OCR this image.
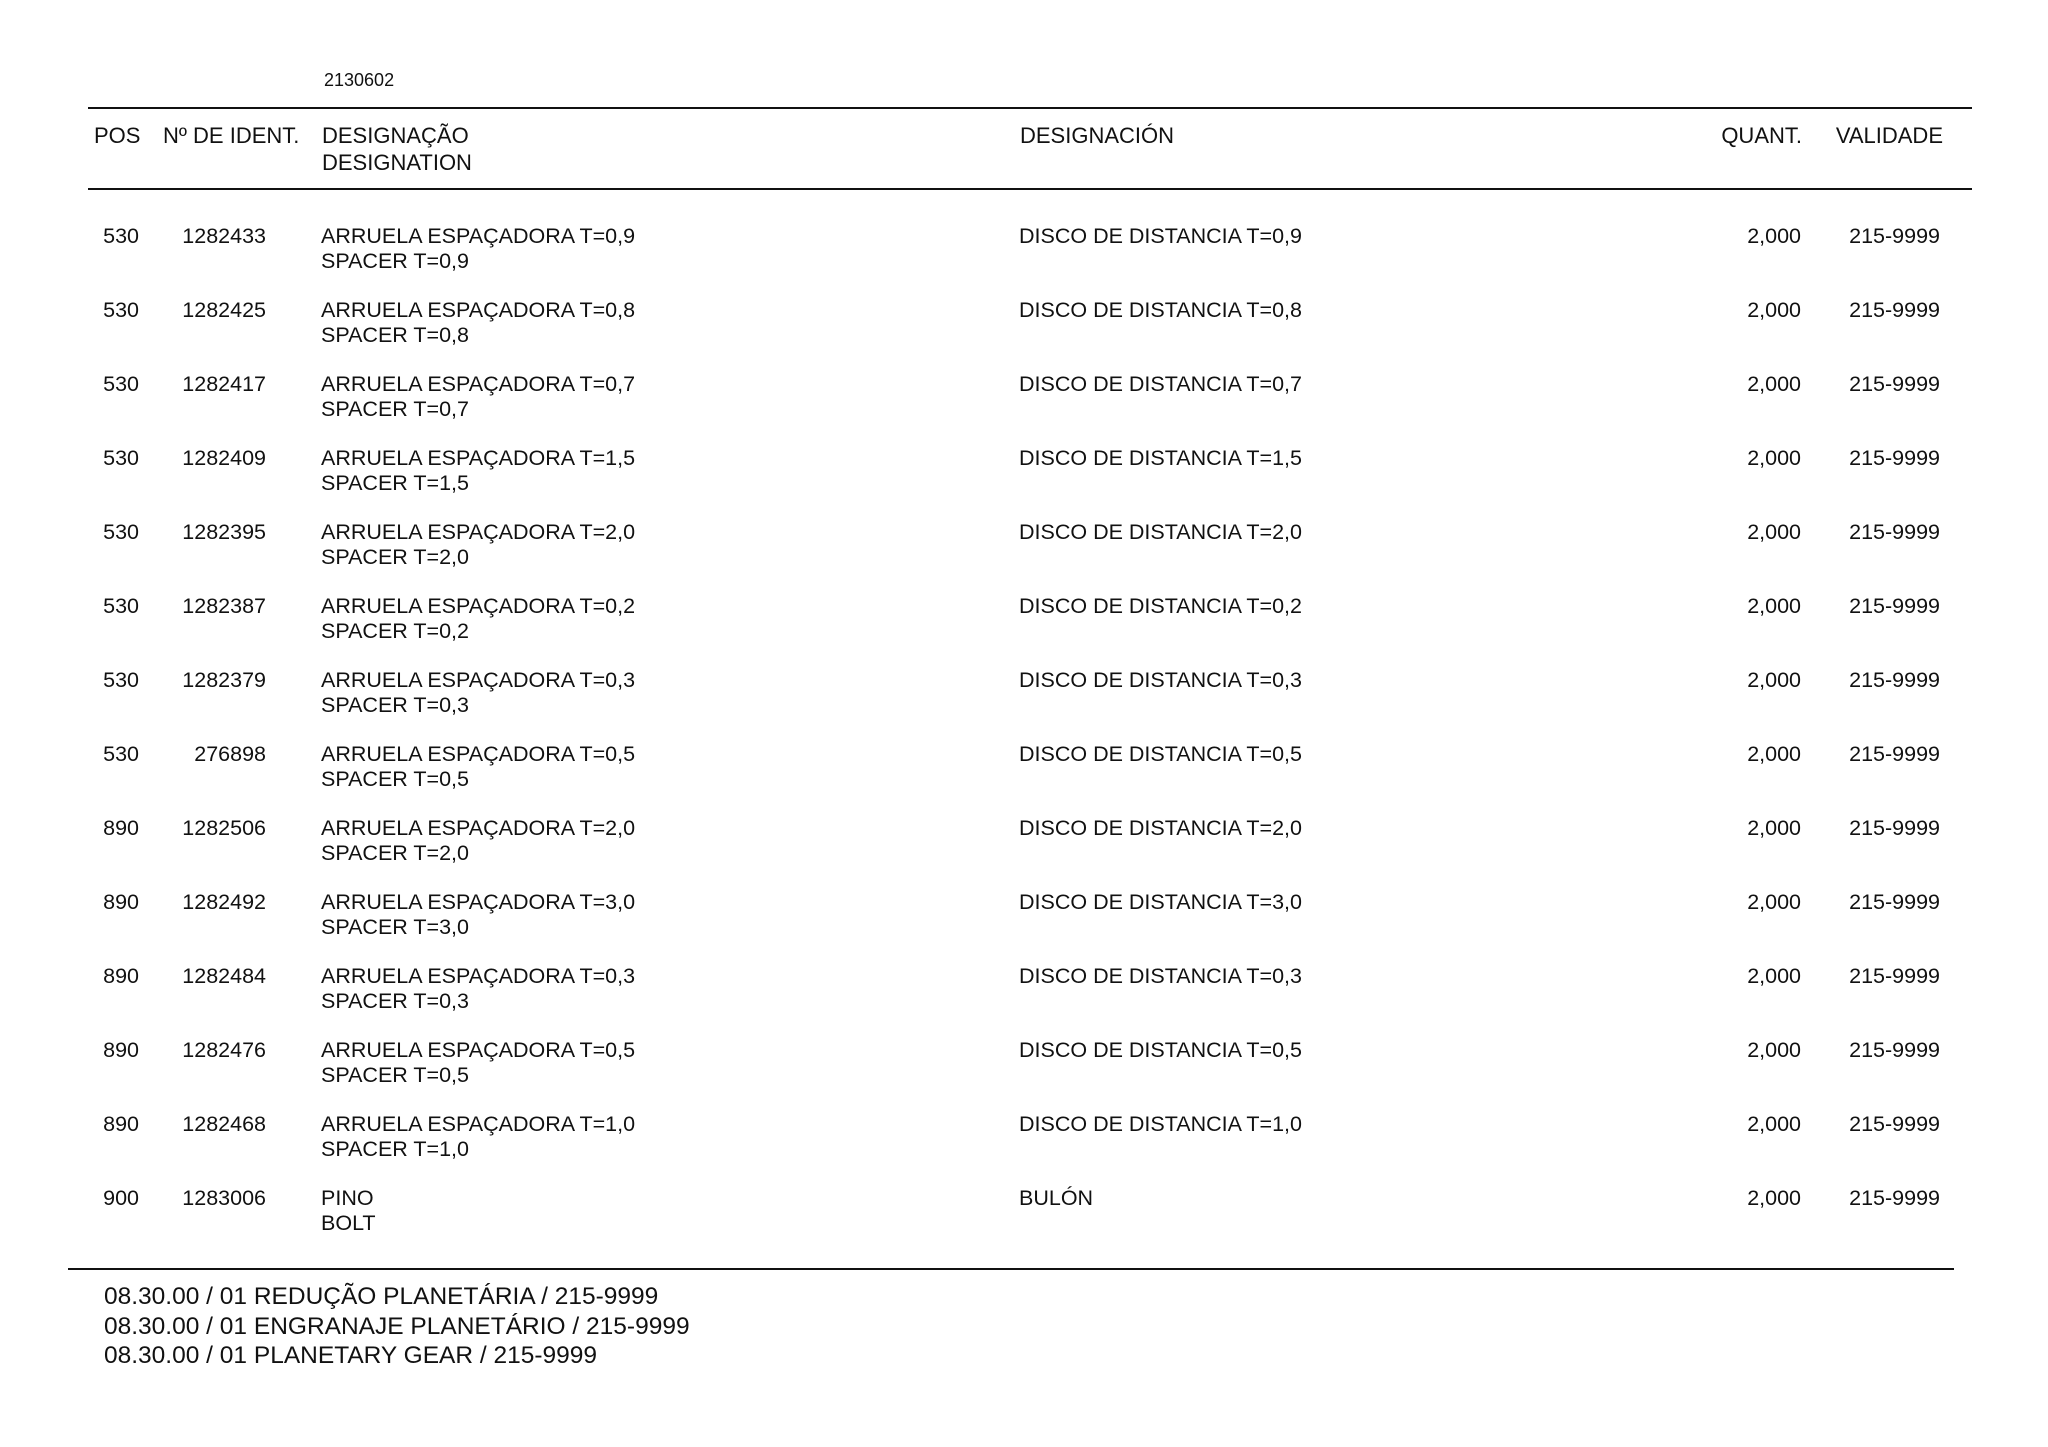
2130602
POS Nº DE IDENT. DESIGNAÇÃO
DESIGNATION
DESIGNACIÓN	QUANT. VALIDADE
530 1282433	ARRUELA ESPAÇADORA T=0,9
SPACER T=0,9
DISCO DE DISTANCIA T=0,9	2,000 215-9999
530 1282425	ARRUELA ESPAÇADORA T=0,8
SPACER T=0,8
DISCO DE DISTANCIA T=0,8	2,000 215-9999
530 1282417	ARRUELA ESPAÇADORA T=0,7
SPACER T=0,7
DISCO DE DISTANCIA T=0,7	2,000 215-9999
530 1282409	ARRUELA ESPAÇADORA T=1,5
SPACER T=1,5
DISCO DE DISTANCIA T=1,5	2,000 215-9999
530 1282395	ARRUELA ESPAÇADORA T=2,0
SPACER T=2,0
DISCO DE DISTANCIA T=2,0	2,000 215-9999
530 1282387	ARRUELA ESPAÇADORA T=0,2
SPACER T=0,2
DISCO DE DISTANCIA T=0,2	2,000 215-9999
530 1282379	ARRUELA ESPAÇADORA T=0,3
SPACER T=0,3
DISCO DE DISTANCIA T=0,3	2,000 215-9999
530	276898	ARRUELA ESPAÇADORA T=0,5
SPACER T=0,5
DISCO DE DISTANCIA T=0,5	2,000 215-9999
890 1282506	ARRUELA ESPAÇADORA T=2,0
SPACER T=2,0
DISCO DE DISTANCIA T=2,0	2,000 215-9999
890 1282492	ARRUELA ESPAÇADORA T=3,0
SPACER T=3,0
DISCO DE DISTANCIA T=3,0	2,000 215-9999
890 1282484	ARRUELA ESPAÇADORA T=0,3
SPACER T=0,3
DISCO DE DISTANCIA T=0,3	2,000 215-9999
890 1282476	ARRUELA ESPAÇADORA T=0,5
SPACER T=0,5
DISCO DE DISTANCIA T=0,5	2,000 215-9999
890 1282468	ARRUELA ESPAÇADORA T=1,0
SPACER T=1,0
DISCO DE DISTANCIA T=1,0	2,000 215-9999
900 1283006	PINO
BOLT
BULÓN	2,000 215-9999
08.30.00 / 01 REDUÇÃO PLANETÁRIA / 215-9999
08.30.00 / 01 ENGRANAJE PLANETÁRIO / 215-9999
08.30.00 / 01 PLANETARY GEAR / 215-9999
